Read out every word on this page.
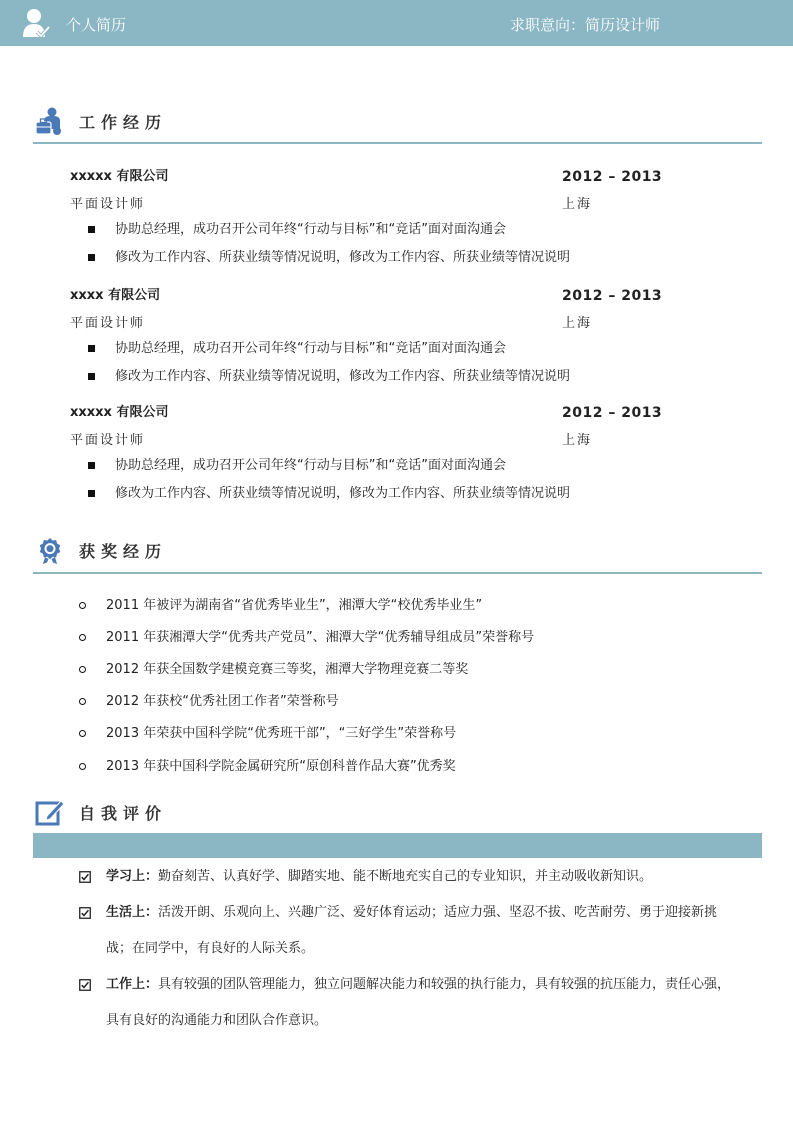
个人简历	求职意向：简历设计师
工作经历
xxxxx 有限公司	2012 – 2013
平面设计师	上海
协助总经理，成功召开公司年终“行动与目标”和“竞话”面对面沟通会
修改为工作内容、所获业绩等情况说明，修改为工作内容、所获业绩等情况说明
xxxx 有限公司	2012 – 2013
平面设计师	上海
协助总经理，成功召开公司年终“行动与目标”和“竞话”面对面沟通会
修改为工作内容、所获业绩等情况说明，修改为工作内容、所获业绩等情况说明
xxxxx 有限公司	2012 – 2013
平面设计师	上海
协助总经理，成功召开公司年终“行动与目标”和“竞话”面对面沟通会
修改为工作内容、所获业绩等情况说明，修改为工作内容、所获业绩等情况说明
获奖经历
2011 年被评为湖南省“省优秀毕业生”，湘潭大学“校优秀毕业生”
2011 年获湘潭大学“优秀共产党员”、湘潭大学“优秀辅导组成员”荣誉称号
2012 年获全国数学建模竞赛三等奖，湘潭大学物理竞赛二等奖
2012 年获校“优秀社团工作者”荣誉称号
2013 年荣获中国科学院“优秀班干部”，“三好学生”荣誉称号
2013 年获中国科学院金属研究所“原创科普作品大赛”优秀奖
自我评价
学习上：勤奋刻苦、认真好学、脚踏实地、能不断地充实自己的专业知识，并主动吸收新知识。
生活上：活泼开朗、乐观向上、兴趣广泛、爱好体育运动；适应力强、坚忍不拔、吃苦耐劳、勇于迎接新挑战；在同学中，有良好的人际关系。
工作上：具有较强的团队管理能力，独立问题解决能力和较强的执行能力，具有较强的抗压能力，责任心强，具有良好的沟通能力和团队合作意识。
